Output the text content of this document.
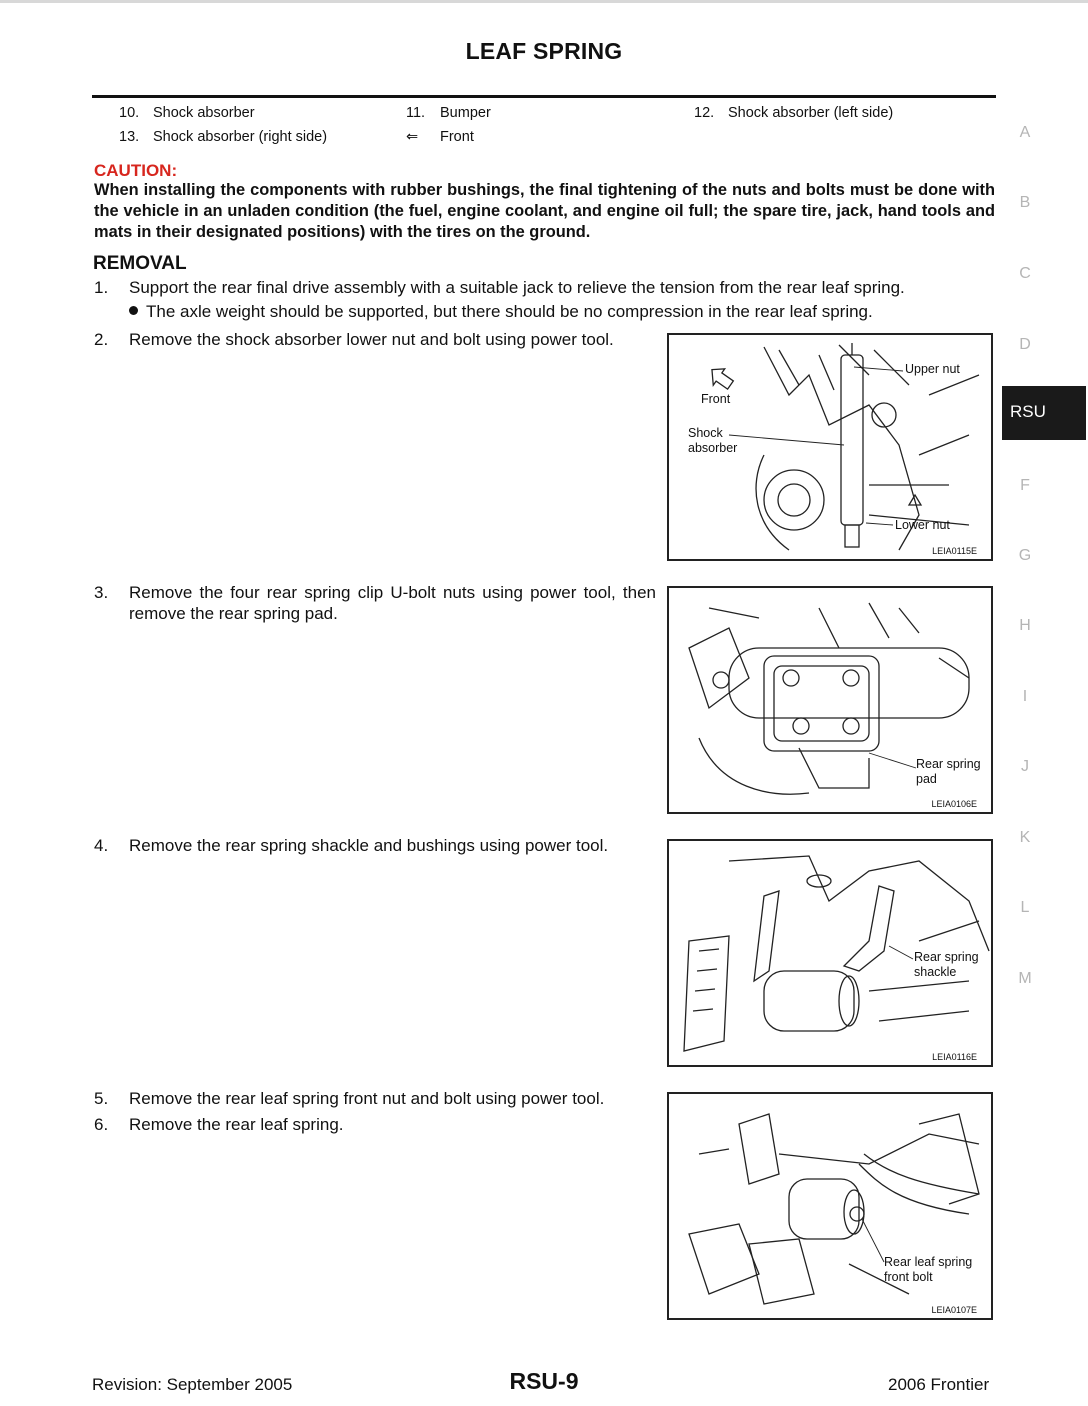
LEAF SPRING
10. Shock absorber	11. Bumper	12. Shock absorber (left side)
13. Shock absorber (right side)	⇐ Front
CAUTION:
When installing the components with rubber bushings, the final tightening of the nuts and bolts must be done with the vehicle in an unladen condition (the fuel, engine coolant, and engine oil full; the spare tire, jack, hand tools and mats in their designated positions) with the tires on the ground.
REMOVAL
1. Support the rear final drive assembly with a suitable jack to relieve the tension from the rear leaf spring.
The axle weight should be supported, but there should be no compression in the rear leaf spring.
2. Remove the shock absorber lower nut and bolt using power tool.
3. Remove the four rear spring clip U-bolt nuts using power tool, then remove the rear spring pad.
4. Remove the rear spring shackle and bushings using power tool.
5. Remove the rear leaf spring front nut and bolt using power tool.
6. Remove the rear leaf spring.
Upper nut
Front
Shock
absorber
Lower nut
LEIA0115E
Rear spring
pad
LEIA0106E
Rear spring
shackle
LEIA0116E
Rear leaf spring
front bolt
LEIA0107E
A
B
C
D
RSU
F
G
H
I
J
K
L
M
Revision: September 2005	RSU-9	2006 Frontier
